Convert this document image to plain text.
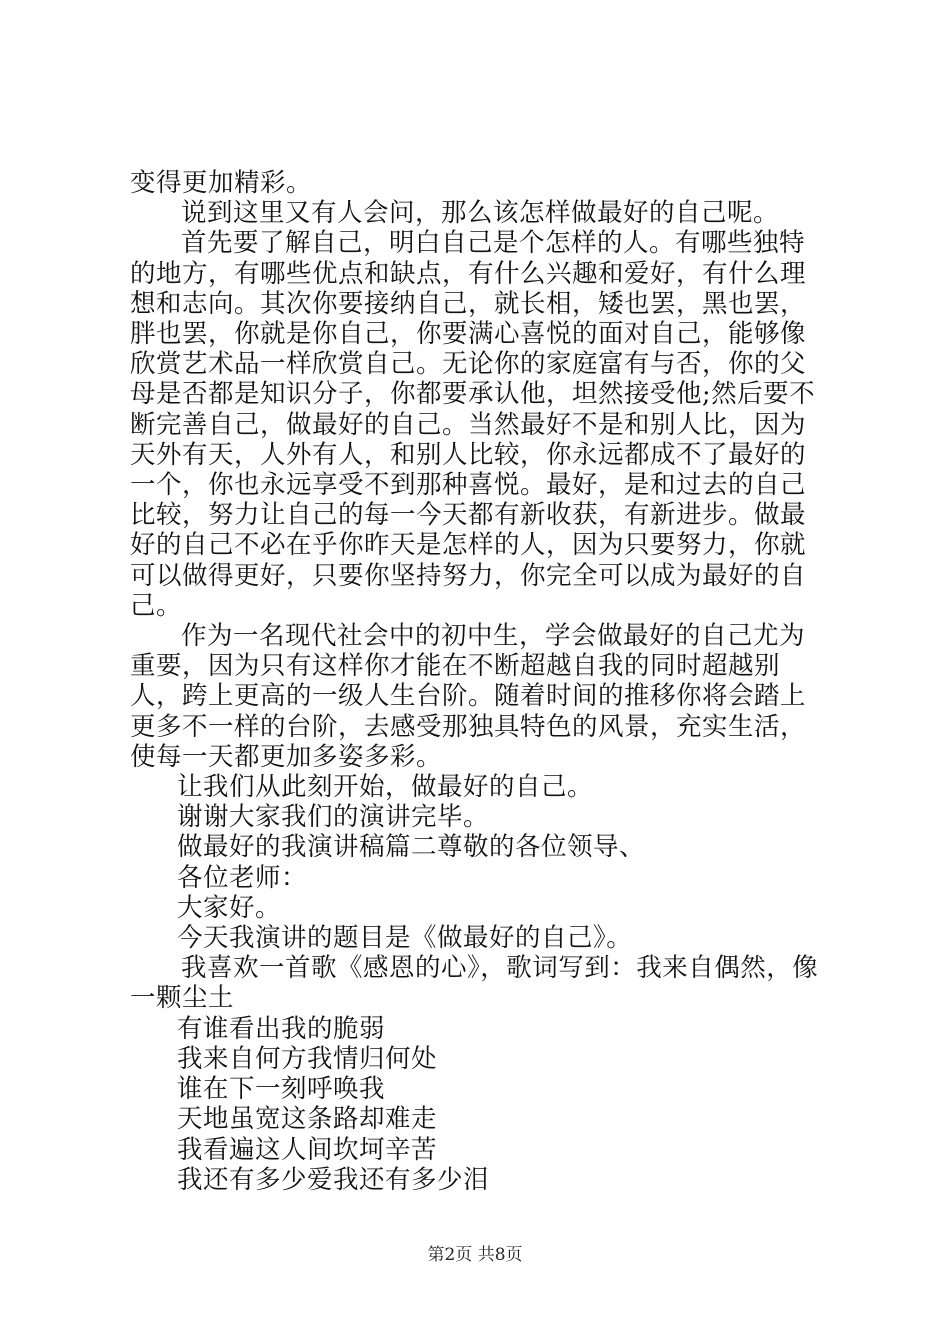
变得更加精彩。

说到这里又有人会问，那么该怎样做最好的自己呢。

首先要了解自己，明白自己是个怎样的人。有哪些独特的地方，有哪些优点和缺点，有什么兴趣和爱好，有什么理想和志向。其次你要接纳自己，就长相，矮也罢，黑也罢，胖也罢，你就是你自己，你要满心喜悦的面对自己，能够像欣赏艺术品一样欣赏自己。无论你的家庭富有与否，你的父母是否都是知识分子，你都要承认他，坦然接受他;然后要不断完善自己，做最好的自己。当然最好不是和别人比，因为天外有天，人外有人，和别人比较，你永远都成不了最好的一个，你也永远享受不到那种喜悦。最好，是和过去的自己比较，努力让自己的每一今天都有新收获，有新进步。做最好的自己不必在乎你昨天是怎样的人，因为只要努力，你就可以做得更好，只要你坚持努力，你完全可以成为最好的自己。

作为一名现代社会中的初中生，学会做最好的自己尤为重要，因为只有这样你才能在不断超越自我的同时超越别人，跨上更高的一级人生台阶。随着时间的推移你将会踏上更多不一样的台阶，去感受那独具特色的风景，充实生活，使每一天都更加多姿多彩。

让我们从此刻开始，做最好的自己。

谢谢大家我们的演讲完毕。

做最好的我演讲稿篇二尊敬的各位领导、

各位老师：

大家好。

今天我演讲的题目是《做最好的自己》。

我喜欢一首歌《感恩的心》，歌词写到：我来自偶然，像一颗尘土

有谁看出我的脆弱

我来自何方我情归何处

谁在下一刻呼唤我

天地虽宽这条路却难走

我看遍这人间坎坷辛苦

我还有多少爱我还有多少泪

第2页 共8页
